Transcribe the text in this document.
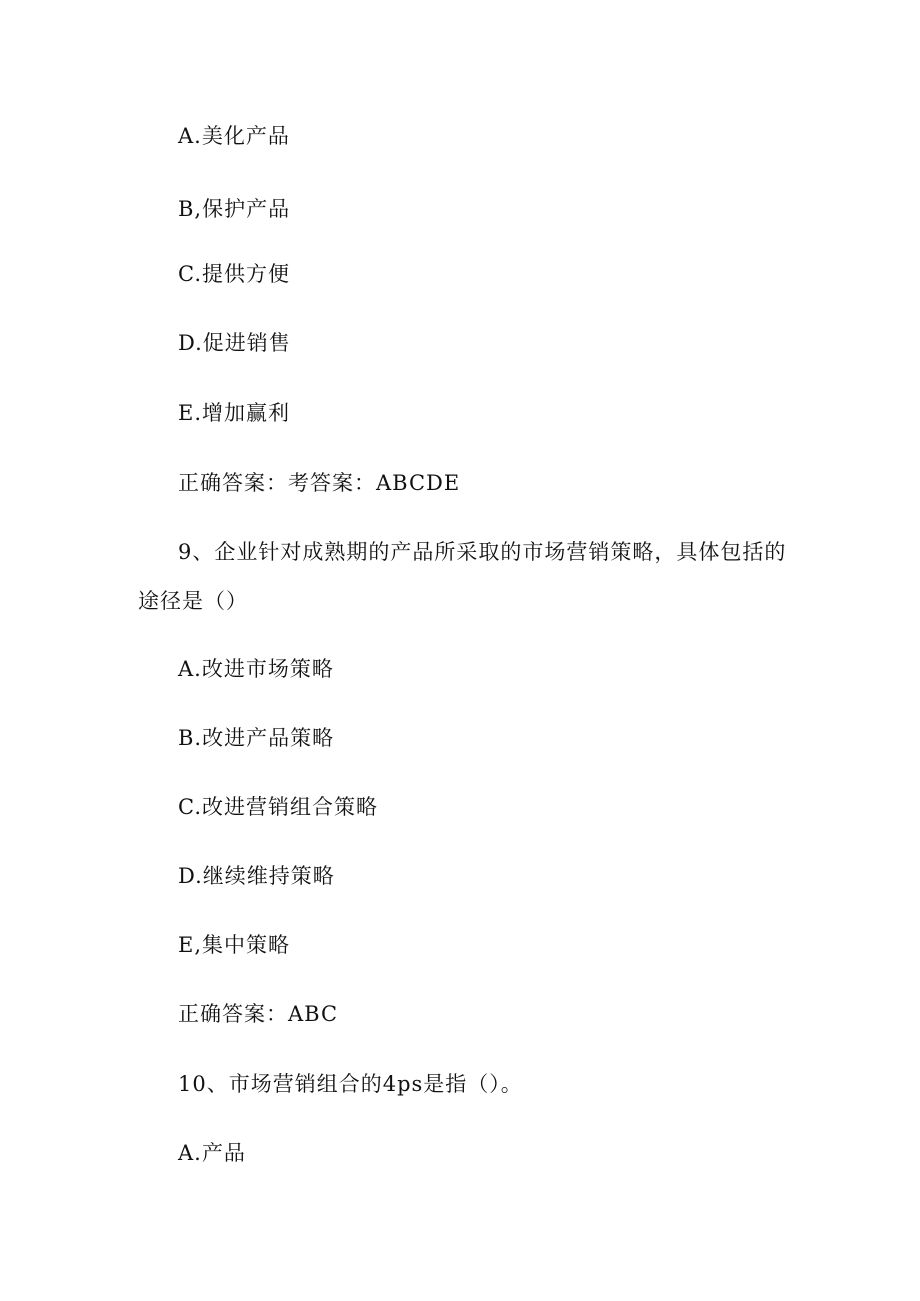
A.美化产品
B,保护产品
C.提供方便
D.促进销售
E.增加赢利
正确答案：考答案：ABCDE
9、企业针对成熟期的产品所采取的市场营销策略，具体包括的
途径是（）
A.改进市场策略
B.改进产品策略
C.改进营销组合策略
D.继续维持策略
E,集中策略
正确答案：ABC
10、市场营销组合的4ps是指（）。
A.产品
